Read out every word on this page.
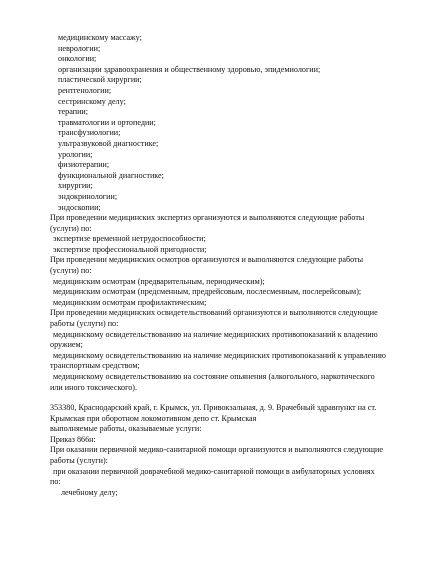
медицинскому массажу;
неврологии;
онкологии;
организации здравоохранения и общественному здоровью, эпидемиологии;
пластической хирургии;
рентгенологии;
сестринскому делу;
терапии;
травматологии и ортопедии;
трансфузиологии;
ультразвуковой диагностике;
урологии;
физиотерапии;
функциональной диагностике;
хирургии;
эндокринологии;
эндоскопии;
При проведении медицинских экспертиз организуются и выполняются следующие работы
(услуги) по:
экспертизе временной нетрудоспособности;
экспертизе профессиональной пригодности;
При проведении медицинских осмотров организуются и выполняются следующие работы
(услуги) по:
медицинским осмотрам (предварительным, периодическим);
медицинским осмотрам (предсменным, предрейсовым, послесменным, послерейсовым);
медицинским осмотрам профилактическим;
При проведении медицинских освидетельствований организуются и выполняются следующие
работы (услуги) по:
медицинскому освидетельствованию на наличие медицинских противопоказаний к владению
оружием;
медицинскому освидетельствованию на наличие медицинских противопоказаний к управлению
транспортным средством;
медицинскому освидетельствованию на состояние опьянения (алкогольного, наркотического
или иного токсического).
353380, Краснодарский край, г. Крымск, ул. Привокзальная, д. 9. Врачебный здравпункт на ст.
Крымская при оборотном локомотивном депо ст. Крымская
выполняемые работы, оказываемые услуги:
Приказ 866н:
При оказании первичной медико-санитарной помощи организуются и выполняются следующие
работы (услуги):
при оказании первичной доврачебной медико-санитарной помощи в амбулаторных условиях
по:
лечебному делу;
